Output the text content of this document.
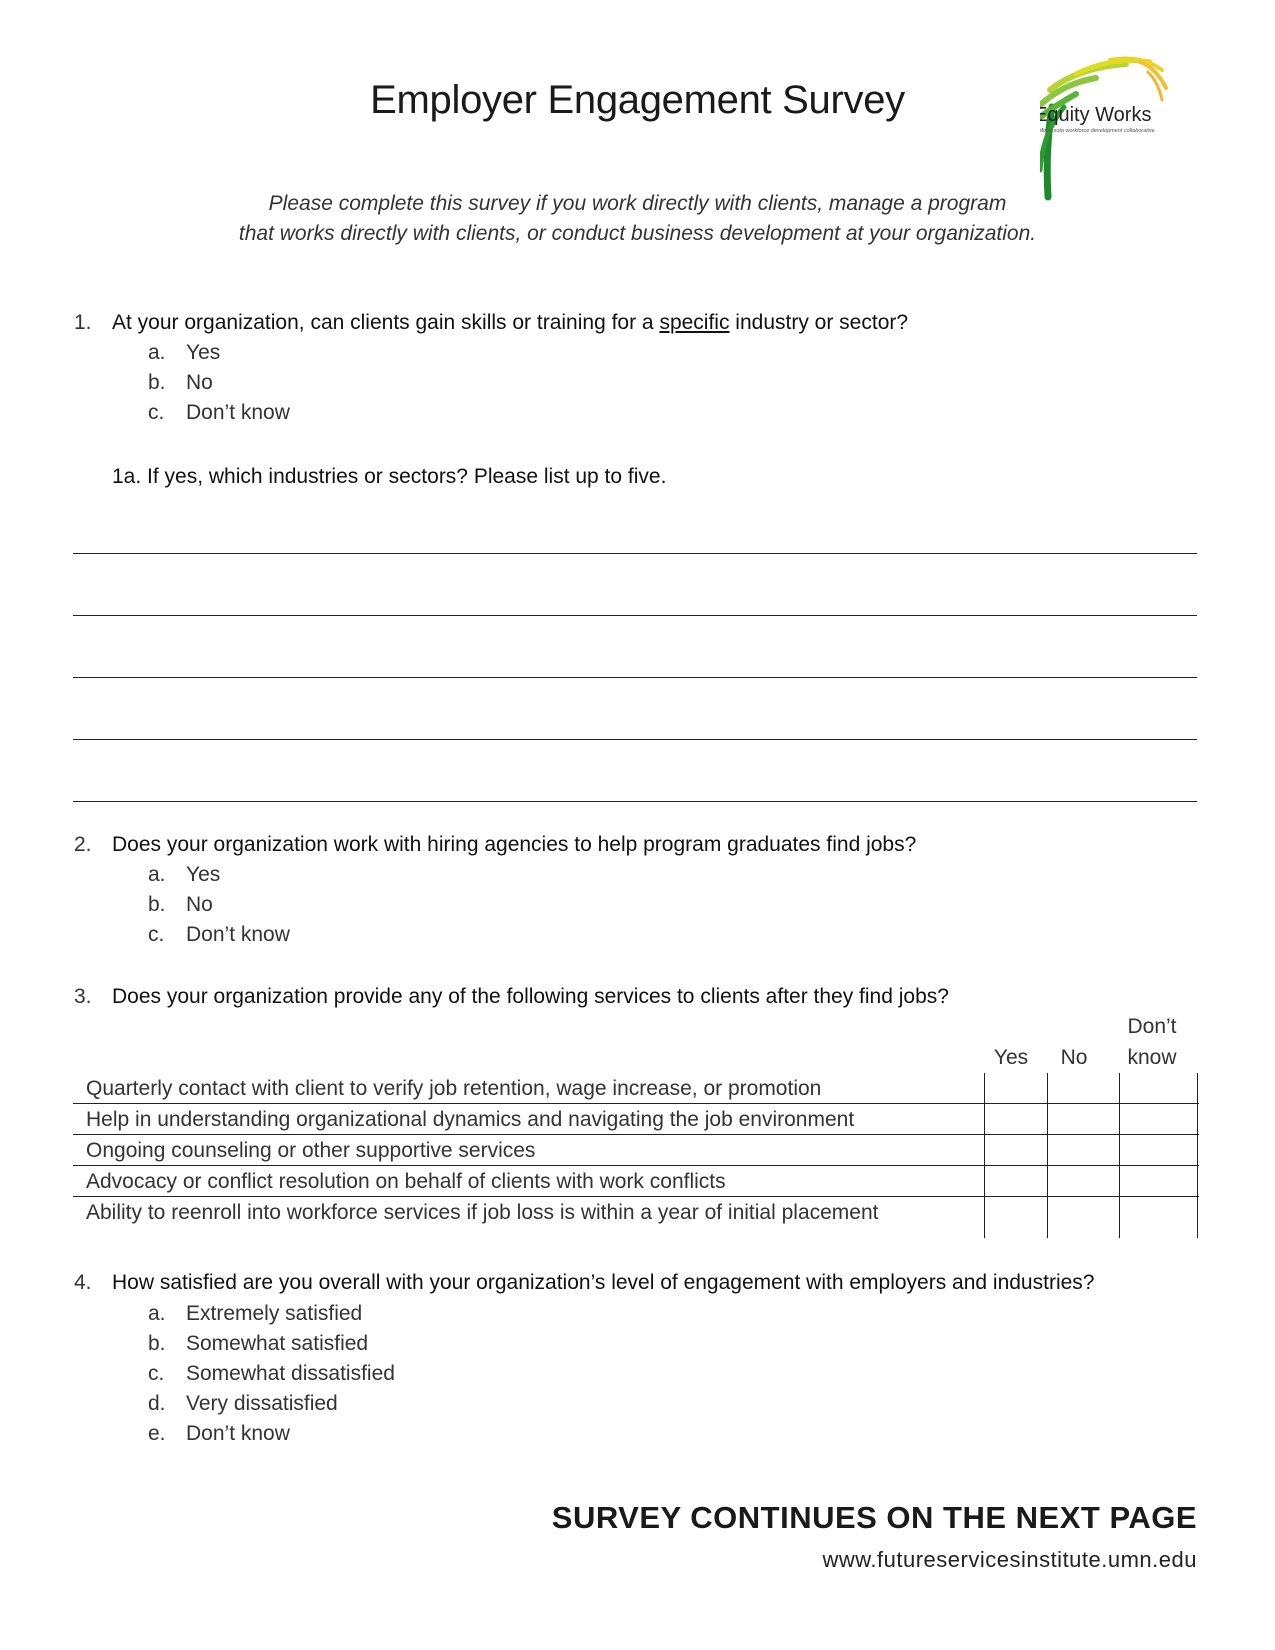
Employer Engagement Survey	Equity Works
a Minnesota workforce development collaborative
Please complete this survey if you work directly with clients, manage a program
that works directly with clients, or conduct business development at your organization.
1. At your organization, can clients gain skills or training for a specific industry or sector?
a. Yes
b. No
c. Don’t know
1a. If yes, which industries or sectors? Please list up to five.
2. Does your organization work with hiring agencies to help program graduates find jobs?
a. Yes
b. No
c. Don’t know
3. Does your organization provide any of the following services to clients after they find jobs?
Yes	No
Don’t
know
Quarterly contact with client to verify job retention, wage increase, or promotion
Help in understanding organizational dynamics and navigating the job environment
Ongoing counseling or other supportive services
Advocacy or conflict resolution on behalf of clients with work conflicts
Ability to reenroll into workforce services if job loss is within a year of initial placement
4. How satisfied are you overall with your organization’s level of engagement with employers and industries?
a. Extremely satisfied
b. Somewhat satisfied
c. Somewhat dissatisfied
d. Very dissatisfied
e. Don’t know
SURVEY CONTINUES ON THE NEXT PAGE
www.futureservicesinstitute.umn.edu
